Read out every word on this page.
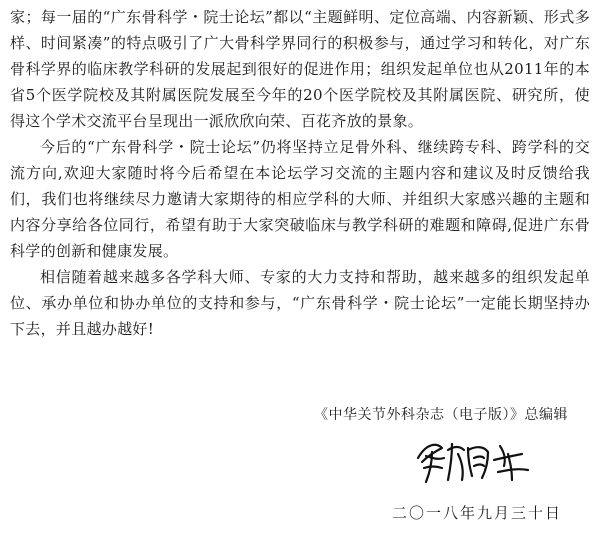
家；每一届的“广东骨科学・院士论坛”都以“主题鲜明、定位高端、内容新颖、形式多样、时间紧凑”的特点吸引了广大骨科学界同行的积极参与，通过学习和转化，对广东骨科学界的临床教学科研的发展起到很好的促进作用；组织发起单位也从2011年的本省5个医学院校及其附属医院发展至今年的20个医学院校及其附属医院、研究所，使得这个学术交流平台呈现出一派欣欣向荣、百花齐放的景象。

今后的“广东骨科学・院士论坛”仍将坚持立足骨外科、继续跨专科、跨学科的交流方向,欢迎大家随时将今后希望在本论坛学习交流的主题内容和建议及时反馈给我们，我们也将继续尽力邀请大家期待的相应学科的大师、并组织大家感兴趣的主题和内容分享给各位同行，希望有助于大家突破临床与教学科研的难题和障碍,促进广东骨科学的创新和健康发展。

相信随着越来越多各学科大师、专家的大力支持和帮助，越来越多的组织发起单位、承办单位和协办单位的支持和参与，“广东骨科学・院士论坛”一定能长期坚持办下去，并且越办越好!

《中华关节外科杂志（电子版）》总编辑
二〇一八年九月三十日
